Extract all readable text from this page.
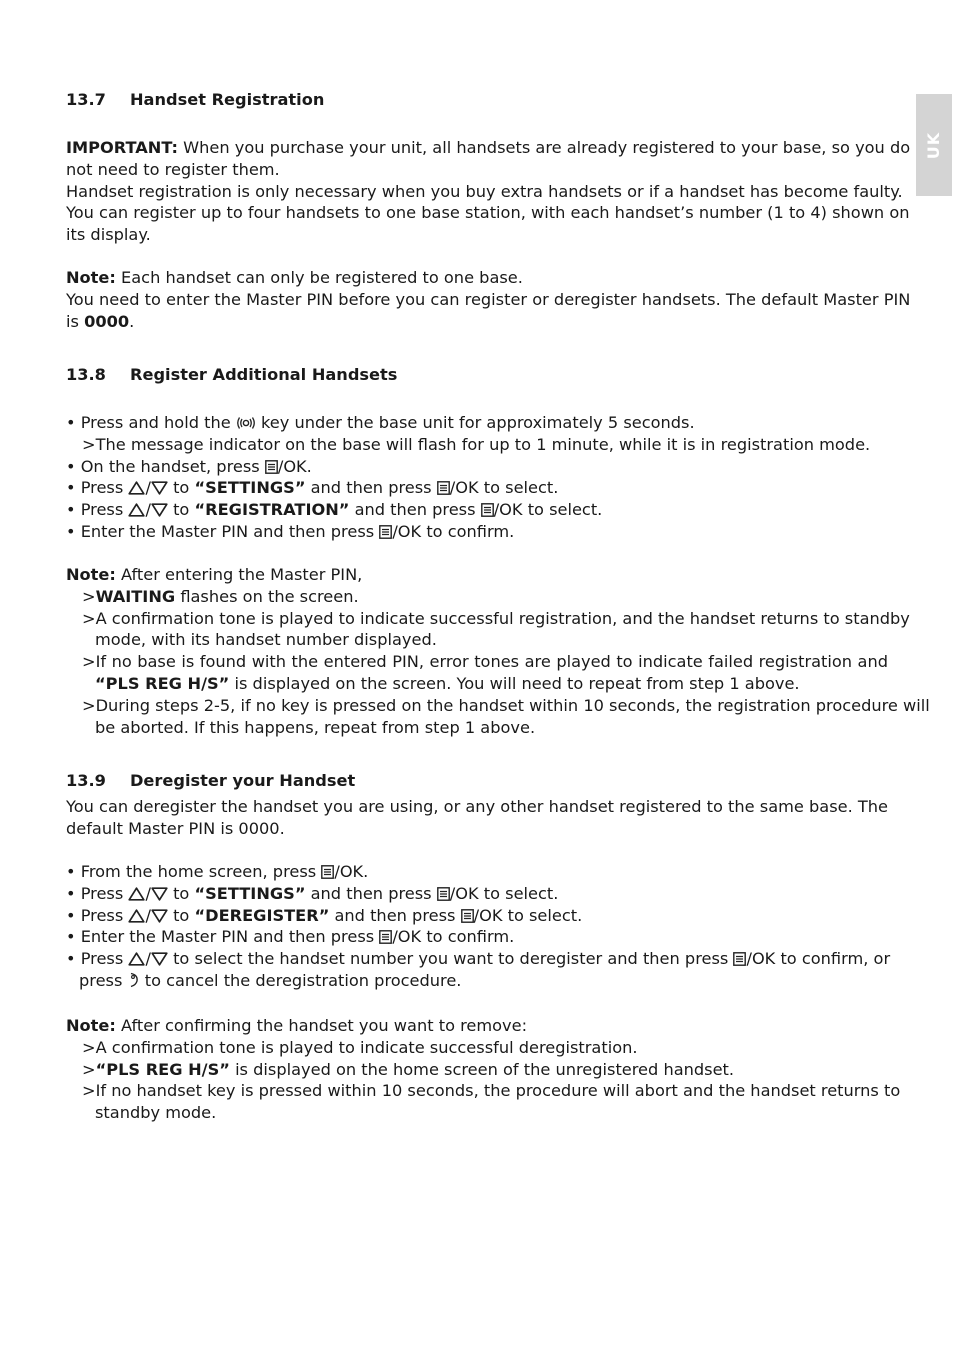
UK
13.7 Handset Registration
IMPORTANT: When you purchase your unit, all handsets are already registered to your base, so you do
not need to register them.
Handset registration is only necessary when you buy extra handsets or if a handset has become faulty.
You can register up to four handsets to one base station, with each handset’s number (1 to 4) shown on
its display.
Note: Each handset can only be registered to one base.
You need to enter the Master PIN before you can register or deregister handsets. The default Master PIN
is 0000.
13.8 Register Additional Handsets
• Press and hold the key under the base unit for approximately 5 seconds.
>The message indicator on the base will flash for up to 1 minute, while it is in registration mode.
• On the handset, press /OK.
• Press / to “SETTINGS” and then press /OK to select.
• Press / to “REGISTRATION” and then press /OK to select.
• Enter the Master PIN and then press /OK to confirm.
Note: After entering the Master PIN,
>WAITING flashes on the screen.
>A confirmation tone is played to indicate successful registration, and the handset returns to standby
mode, with its handset number displayed.
>If no base is found with the entered PIN, error tones are played to indicate failed registration and
“PLS REG H/S” is displayed on the screen. You will need to repeat from step 1 above.
>During steps 2-5, if no key is pressed on the handset within 10 seconds, the registration procedure will
be aborted. If this happens, repeat from step 1 above.
13.9 Deregister your Handset
You can deregister the handset you are using, or any other handset registered to the same base. The
default Master PIN is 0000.
• From the home screen, press /OK.
• Press / to “SETTINGS” and then press /OK to select.
• Press / to “DEREGISTER” and then press /OK to select.
• Enter the Master PIN and then press /OK to confirm.
• Press / to select the handset number you want to deregister and then press /OK to confirm, or
press to cancel the deregistration procedure.
Note: After confirming the handset you want to remove:
>A confirmation tone is played to indicate successful deregistration.
>“PLS REG H/S” is displayed on the home screen of the unregistered handset.
>If no handset key is pressed within 10 seconds, the procedure will abort and the handset returns to
standby mode.
